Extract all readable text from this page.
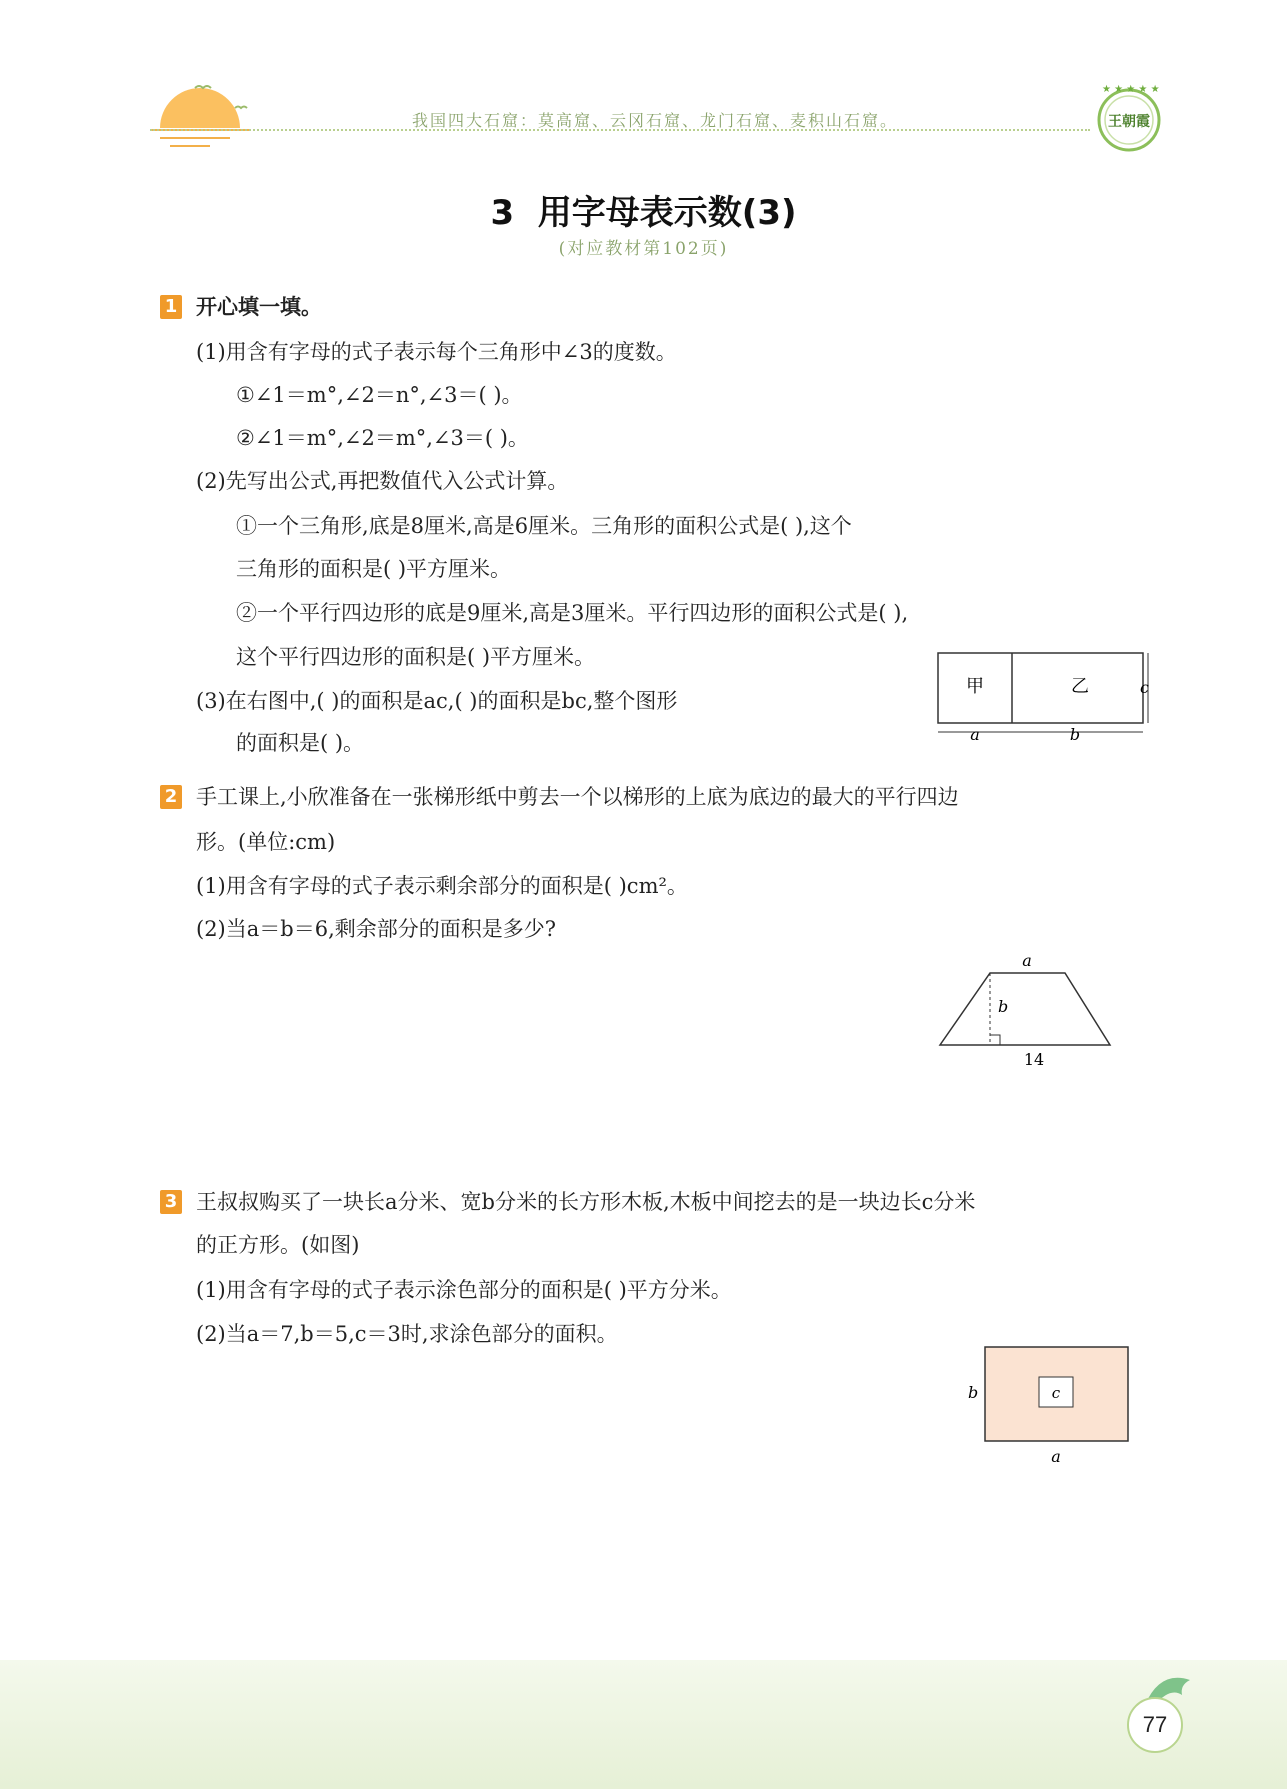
我国四大石窟：莫高窟、云冈石窟、龙门石窟、麦积山石窟。
★ ★ ★ ★ ★
王朝霞
3  用字母表示数(3)
(对应教材第102页)
1 开心填一填。
(1)用含有字母的式子表示每个三角形中∠3的度数。
①∠1＝m°,∠2＝n°,∠3＝( )。
②∠1＝m°,∠2＝m°,∠3＝( )。
(2)先写出公式,再把数值代入公式计算。
①一个三角形,底是8厘米,高是6厘米。三角形的面积公式是( ),这个
三角形的面积是( )平方厘米。
②一个平行四边形的底是9厘米,高是3厘米。平行四边形的面积公式是( ),
这个平行四边形的面积是( )平方厘米。
(3)在右图中,( )的面积是ac,( )的面积是bc,整个图形
的面积是( )。
甲	乙	c
a	b
2 手工课上,小欣准备在一张梯形纸中剪去一个以梯形的上底为底边的最大的平行四边
形。(单位:cm)
(1)用含有字母的式子表示剩余部分的面积是( )cm²。
(2)当a＝b＝6,剩余部分的面积是多少?
a
b
14
3 王叔叔购买了一块长a分米、宽b分米的长方形木板,木板中间挖去的是一块边长c分米
的正方形。(如图)
(1)用含有字母的式子表示涂色部分的面积是( )平方分米。
(2)当a＝7,b＝5,c＝3时,求涂色部分的面积。
c
b
a
77
